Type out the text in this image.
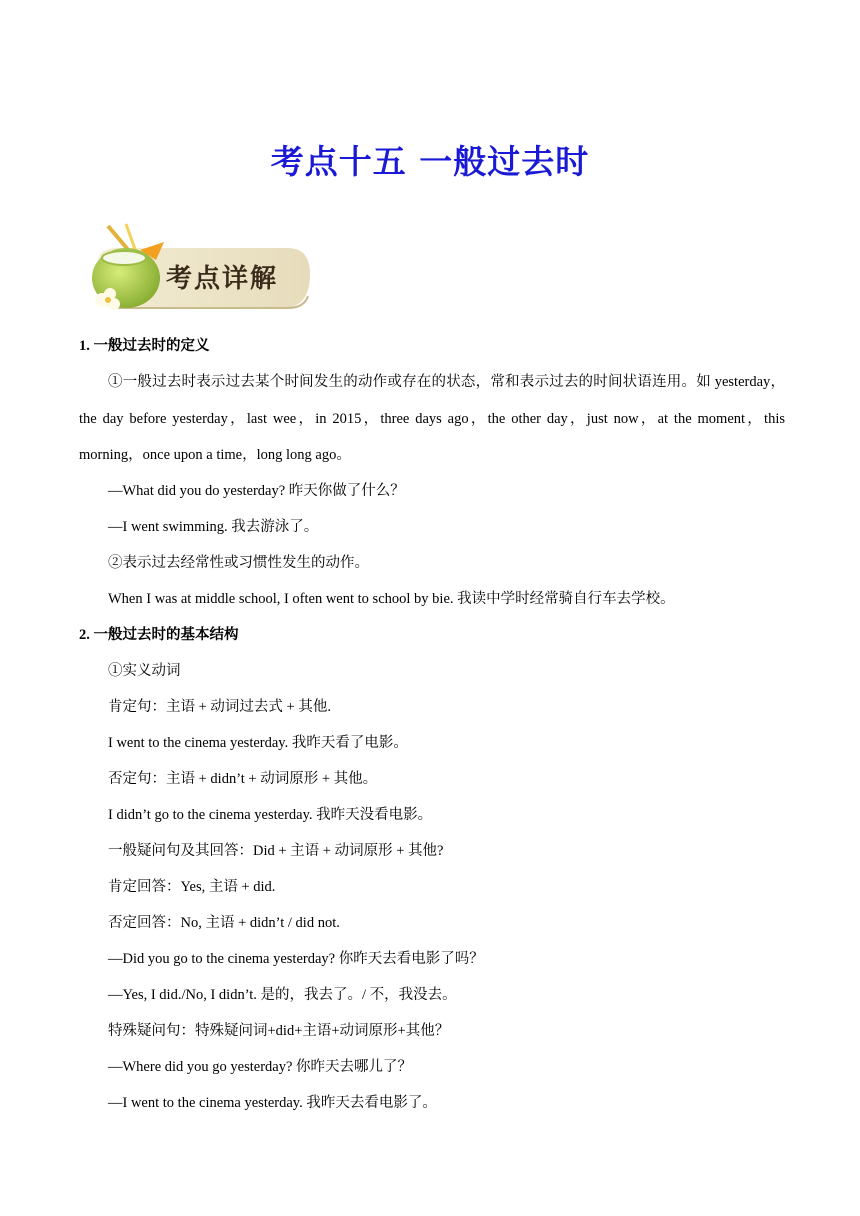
考点十五 一般过去时
考点详解
1. 一般过去时的定义
①一般过去时表示过去某个时间发生的动作或存在的状态，常和表示过去的时间状语连用。如 yesterday，the day before yesterday，last wee，in 2015，three days ago，the other day，just now，at the moment，this morning，once upon a time，long long ago。
—What did you do yesterday? 昨天你做了什么？
—I went swimming. 我去游泳了。
②表示过去经常性或习惯性发生的动作。
When I was at middle school, I often went to school by bie. 我读中学时经常骑自行车去学校。
2. 一般过去时的基本结构
①实义动词
肯定句：主语 + 动词过去式 + 其他.
I went to the cinema yesterday. 我昨天看了电影。
否定句：主语 + didn’t + 动词原形 + 其他。
I didn’t go to the cinema yesterday. 我昨天没看电影。
一般疑问句及其回答：Did + 主语 + 动词原形 + 其他?
肯定回答：Yes, 主语 + did.
否定回答：No, 主语 + didn’t / did not.
—Did you go to the cinema yesterday? 你昨天去看电影了吗？
—Yes, I did./No, I didn’t. 是的，我去了。/ 不，我没去。
特殊疑问句：特殊疑问词+did+主语+动词原形+其他？
—Where did you go yesterday? 你昨天去哪儿了？
—I went to the cinema yesterday. 我昨天去看电影了。
